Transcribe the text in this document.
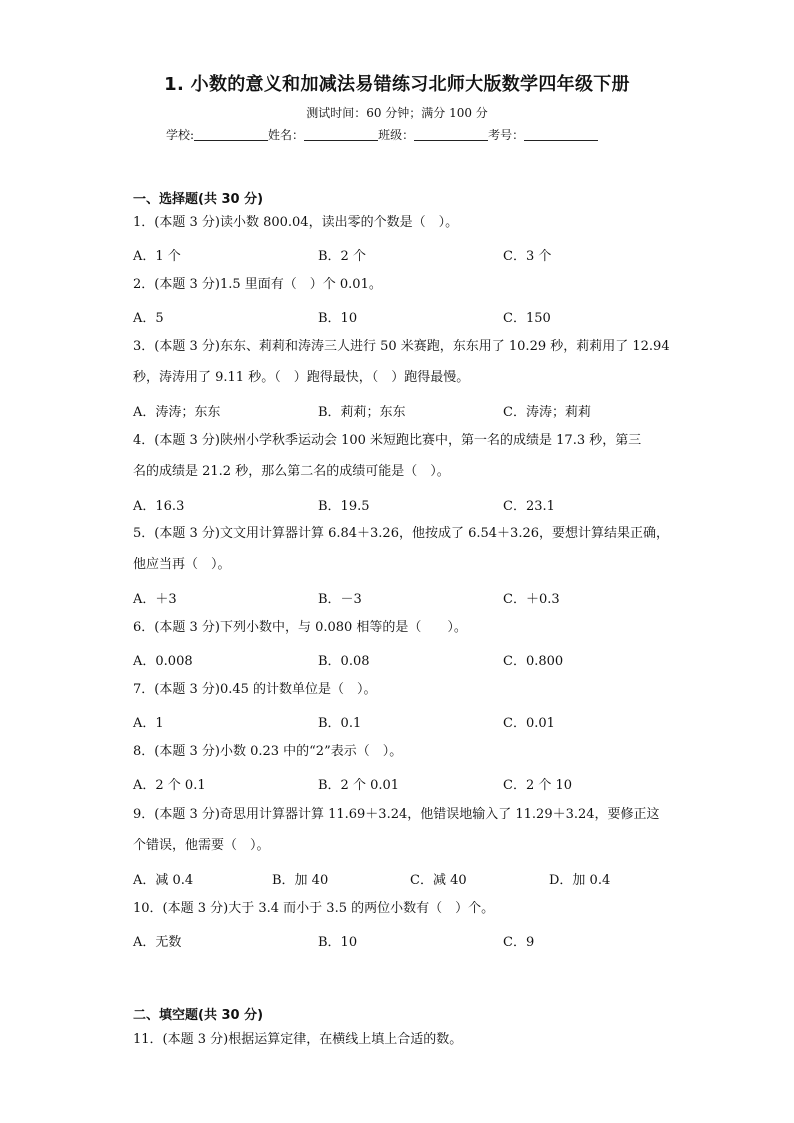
1. 小数的意义和加减法易错练习北师大版数学四年级下册
测试时间：60 分钟；满分 100 分
学校:	姓名：	班级：	考号：
一、选择题(共 30 分)
1．(本题 3 分)读小数 800.04，读出零的个数是（　）。
A．1 个	B．2 个	C．3 个
2．(本题 3 分)1.5 里面有（　）个 0.01。
A．5	B．10	C．150
3．(本题 3 分)东东、莉莉和涛涛三人进行 50 米赛跑，东东用了 10.29 秒，莉莉用了 12.94
秒，涛涛用了 9.11 秒。（　）跑得最快，（　）跑得最慢。
A．涛涛；东东	B．莉莉；东东	C．涛涛；莉莉
4．(本题 3 分)陕州小学秋季运动会 100 米短跑比赛中，第一名的成绩是 17.3 秒，第三
名的成绩是 21.2 秒，那么第二名的成绩可能是（　）。
A．16.3	B．19.5	C．23.1
5．(本题 3 分)文文用计算器计算 6.84＋3.26，他按成了 6.54＋3.26，要想计算结果正确，
他应当再（　）。
A．＋3	B．－3	C．＋0.3
6．(本题 3 分)下列小数中，与 0.080 相等的是（　　）。
A．0.008	B．0.08	C．0.800
7．(本题 3 分)0.45 的计数单位是（　）。
A．1	B．0.1	C．0.01
8．(本题 3 分)小数 0.23 中的“2”表示（　）。
A．2 个 0.1	B．2 个 0.01	C．2 个 10
9．(本题 3 分)奇思用计算器计算 11.69＋3.24，他错误地输入了 11.29＋3.24，要修正这
个错误，他需要（　）。
A．减 0.4	B．加 40	C．减 40	D．加 0.4
10．(本题 3 分)大于 3.4 而小于 3.5 的两位小数有（　）个。
A．无数	B．10	C．9
二、填空题(共 30 分)
11．(本题 3 分)根据运算定律，在横线上填上合适的数。
